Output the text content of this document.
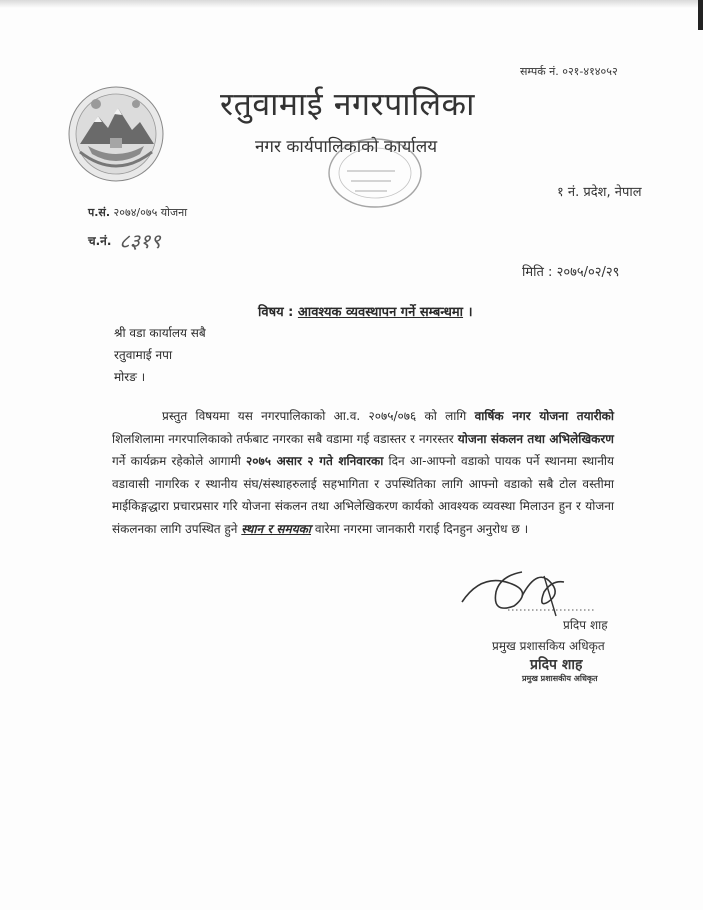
सम्पर्क नं. ०२१-४१४०५२
रतुवामाई नगरपालिका
नगर कार्यपालिकाको कार्यालय
१ नं. प्रदेश, नेपाल
प.सं. २०७४/०७५ योजना
च.नं. ८३१९
मिति : २०७५/०२/२९
विषय : आवश्यक व्यवस्थापन गर्ने सम्बन्धमा ।
श्री वडा कार्यालय सबै
रतुवामाई नपा
मोरङ ।
प्रस्तुत विषयमा यस नगरपालिकाको आ.व. २०७५/०७६ को लागि वार्षिक नगर योजना तयारीको शिलशिलामा नगरपालिकाको तर्फबाट नगरका सबै वडामा गई वडास्तर र नगरस्तर योजना संकलन तथा अभिलेखिकरण गर्ने कार्यक्रम रहेकोले आगामी २०७५ असार २ गते शनिवारका दिन आ-आफ्नो वडाको पायक पर्ने स्थानमा स्थानीय वडावासी नागरिक र स्थानीय संघ/संस्थाहरुलाई सहभागिता र उपस्थितिका लागि आफ्नो वडाको सबै टोल वस्तीमा माईकिङ्गद्धारा प्रचारप्रसार गरि योजना संकलन तथा अभिलेखिकरण कार्यको आवश्यक व्यवस्था मिलाउन हुन र योजना संकलनका लागि उपस्थित हुने स्थान र समयका वारेमा नगरमा जानकारी गराई दिनहुन अनुरोध छ ।
प्रदिप शाह
प्रमुख प्रशासकिय अधिकृत
प्रदिप शाह
प्रमुख प्रशासकीय अधिकृत
